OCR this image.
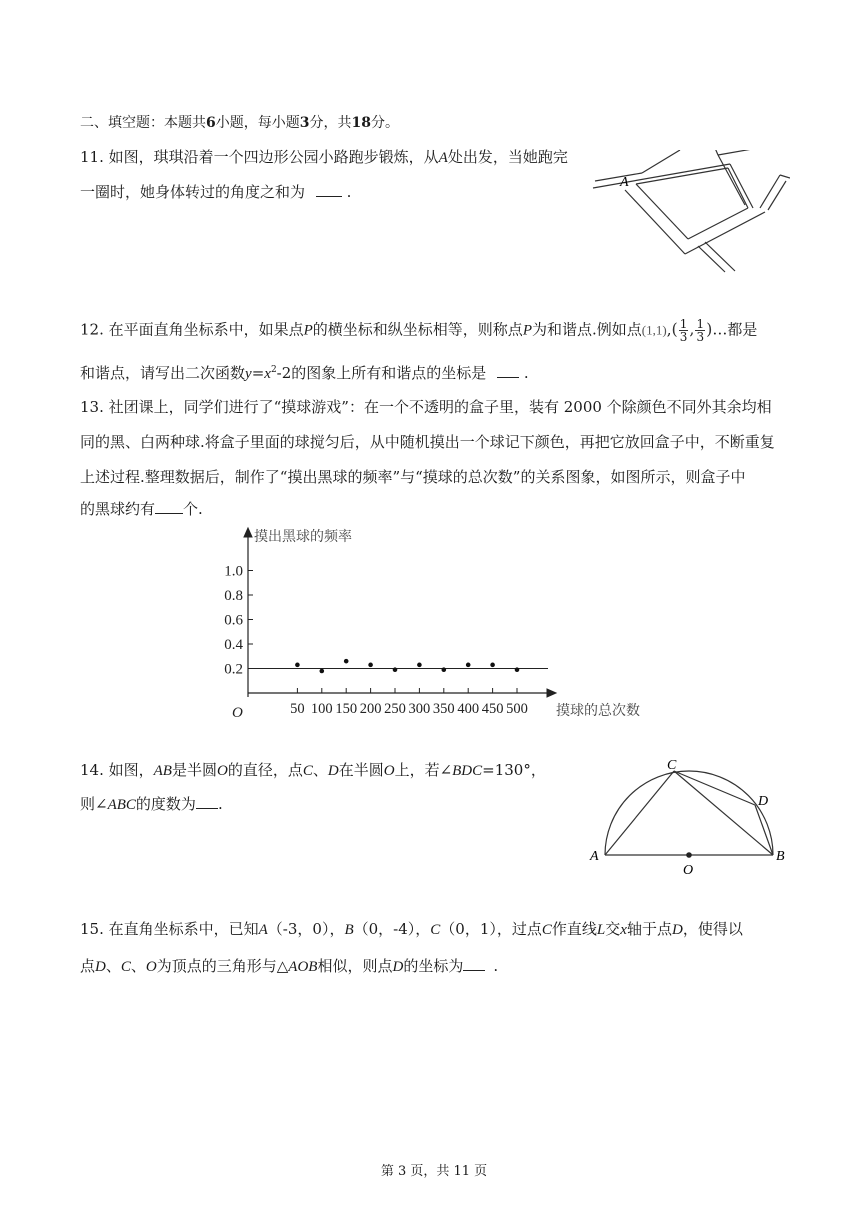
二、填空题：本题共6小题，每小题3分，共18分。
11. 如图，琪琪沿着一个四边形公园小路跑步锻炼，从A处出发，当她跑完
一圈时，她身体转过的角度之和为	.
A
12. 在平面直角坐标系中，如果点P的横坐标和纵坐标相等，则称点P为和谐点.例如点$(1,1),( \frac{1}{3}$ , $\frac{1}{3}$ )…都是
和谐点，请写出二次函数$y=x^2-2$的图象上所有和谐点的坐标是	.
13. 社团课上，同学们进行了“摸球游戏”：在一个不透明的盒子里，装有 2000 个除颜色不同外其余均相
同的黑、白两种球.将盒子里面的球搅匀后，从中随机摸出一个球记下颜色，再把它放回盒子中，不断重复
上述过程.整理数据后，制作了“摸出黑球的频率”与“摸球的总次数”的关系图象，如图所示，则盒子中
的黑球约有 个.
摸出黑球的频率
摸球的总次数
O
0.2
0.4
0.6
0.8
1.0
50 100 150 200 250 300 350 400 450 500
14. 如图，AB是半圆O的直径，点C、D在半圆O上，若∠BDC=130°，
则∠ABC的度数为 .
A	B
C
D
O
15. 在直角坐标系中，已知A（-3，0），B（0，-4），C（0，1），过点C作直线L交x轴于点D，使得以
点D、C、O为顶点的三角形与△AOB相似，则点D的坐标为 .
第 3 页，共 11 页
